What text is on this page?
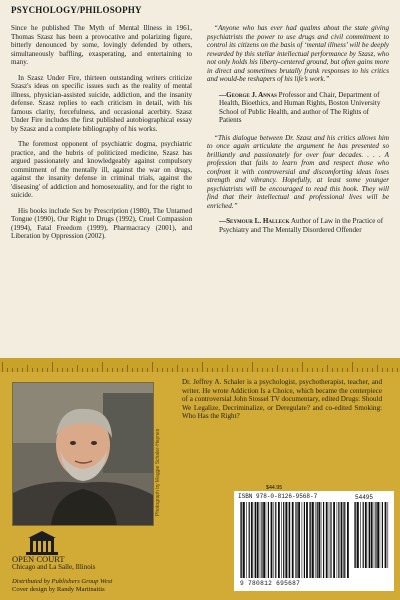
PSYCHOLOGY/PHILOSOPHY

Since he published The Myth of Mental Illness in 1961, Thomas Szasz has been a provocative and polarizing figure, bitterly denounced by some, lovingly defended by others, simultaneously baffling, exasperating, and entertaining to many.

In Szasz Under Fire, thirteen outstanding writers criticize Szasz's ideas on specific issues such as the reality of mental illness, physician-assisted suicide, addiction, and the insanity defense. Szasz replies to each criticism in detail, with his famous clarity, forcefulness, and occasional acerbity. Szasz Under Fire includes the first published autobiographical essay by Szasz and a complete bibliography of his works.

The foremost opponent of psychiatric dogma, psychiatric practice, and the hubris of politicized medicine, Szasz has argued passionately and knowledgeably against compulsory commitment of the mentally ill, against the war on drugs, against the insanity defense in criminal trials, against the 'diseasing' of addiction and homosexuality, and for the right to suicide.

His books include Sex by Prescription (1980), The Untamed Tongue (1990), Our Right to Drugs (1992), Cruel Compassion (1994), Fatal Freedom (1999), Pharmacracy (2001), and Liberation by Oppression (2002).

“Anyone who has ever had qualms about the state giving psychiatrists the power to use drugs and civil commitment to control its citizens on the basis of ‘mental illness’ will be deeply rewarded by this stellar intellectual performance by Szasz, who not only holds his liberty-centered ground, but often gains more in direct and sometimes brutally frank responses to his critics and would-be reshapers of his life’s work.”

—George J. Annas Professor and Chair, Department of Health, Bioethics, and Human Rights, Boston University School of Public Health, and author of The Rights of Patients

“This dialogue between Dr. Szasz and his critics allows him to once again articulate the argument he has presented so brilliantly and passionately for over four decades. . . . A profession that fails to learn from and respect those who confront it with controversial and discomforting ideas loses strength and vibrancy. Hopefully, at least some younger psychiatrists will be encouraged to read this book. They will find that their intellectual and professional lives will be enriched.”

—Seymour L. Halleck Author of Law in the Practice of Psychiatry and The Mentally Disordered Offender
Photograph by Maggie Schaler-Haynes

Dr. Jeffrey A. Schaler is a psychologist, psychotherapist, teacher, and writer. He wrote Addiction Is a Choice, which became the centerpiece of a controversial John Stossel TV documentary, edited Drugs: Should We Legalize, Decriminalize, or Deregulate? and co-edited Smoking: Who Has the Right?

OPEN COURT
Chicago and La Salle, Illinois
Distributed by Publishers Group West
Cover design by Randy Martinaitis
$44.95
ISBN 978-0-8126-9568-7	54495
9 780812 695687
